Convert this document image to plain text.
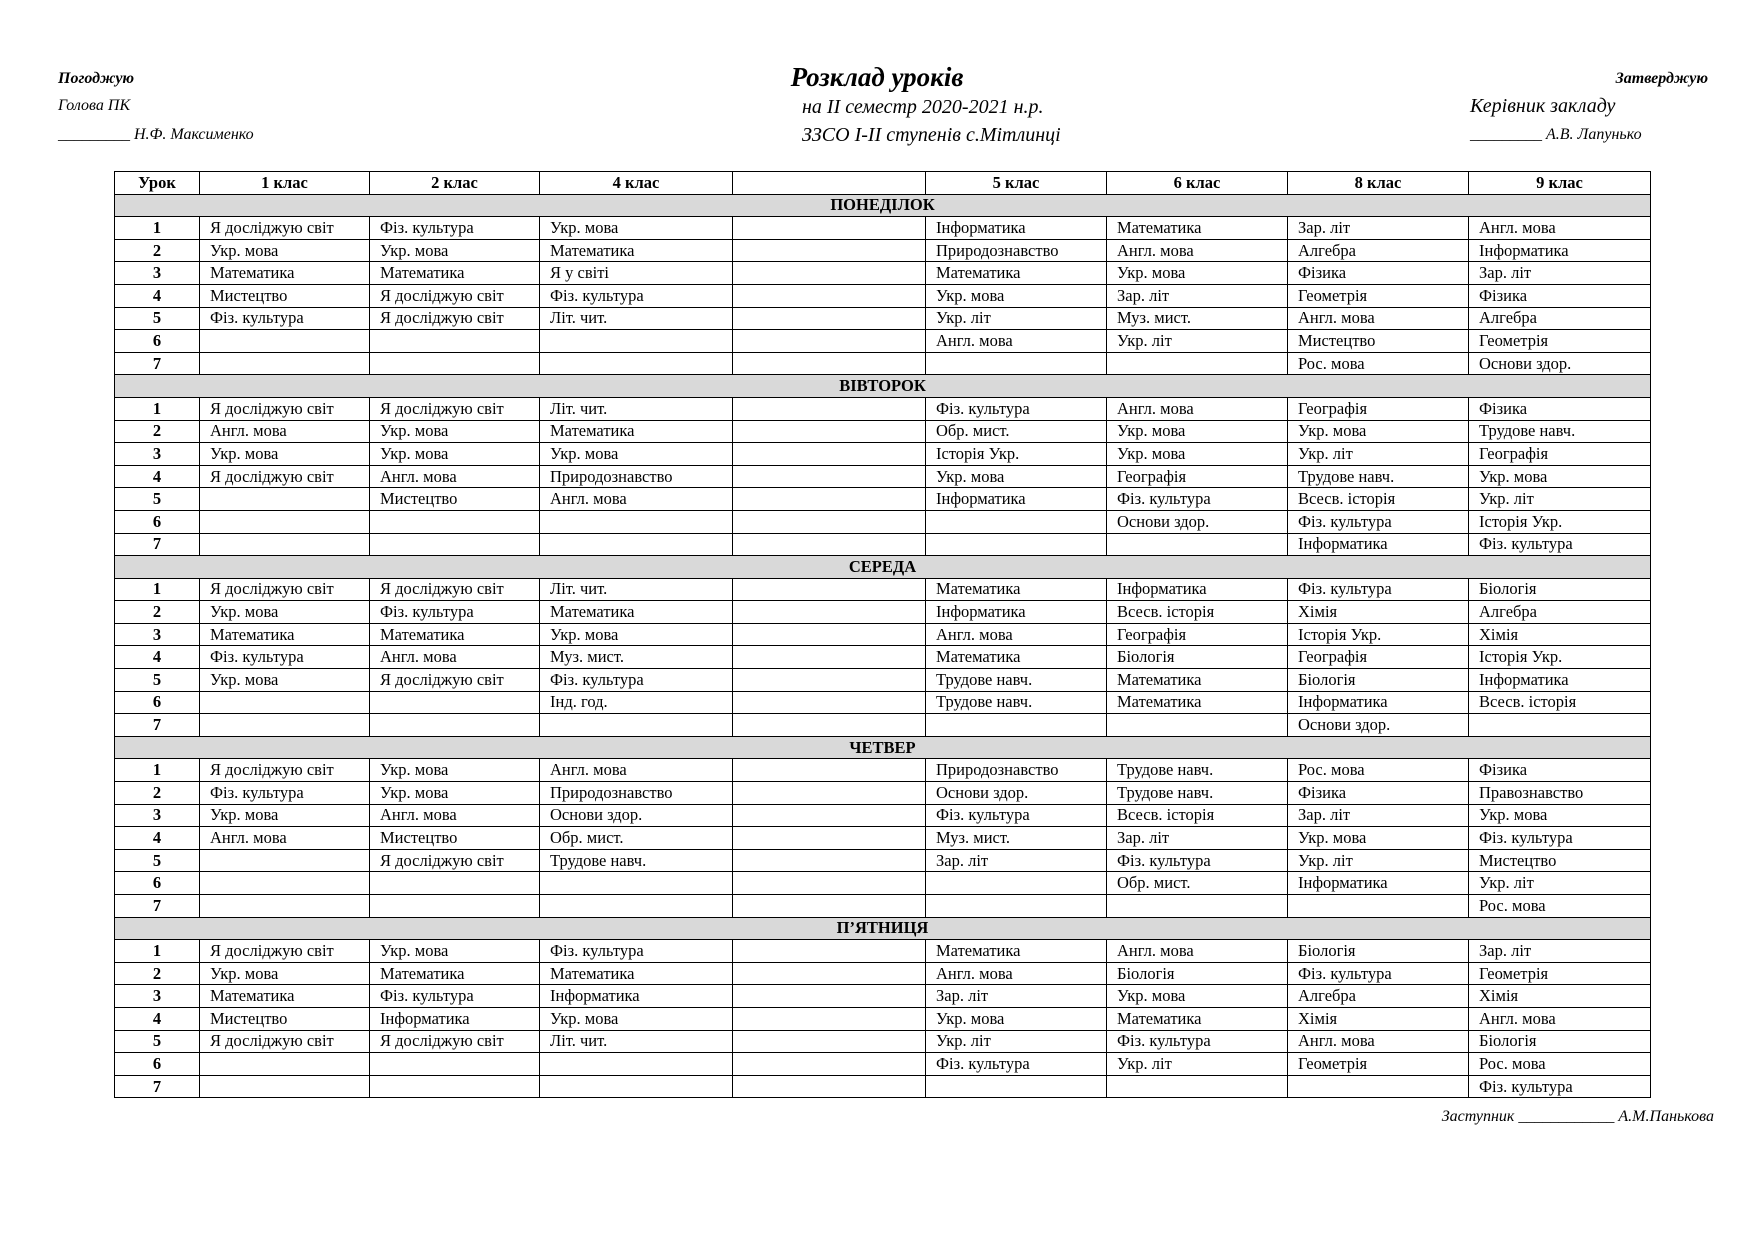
Погоджую
Голова ПК
_________ Н.Ф. Максименко
Розклад уроків
на ІІ семестр 2020-2021 н.р.
ЗЗСО І-ІІ ступенів с.Мітлинці
Затверджую
Керівник закладу
_________ А.В. Лапунько
Урок	1 клас	2 клас	4 клас		5 клас	6 клас	8 клас	9 клас
ПОНЕДІЛОК								
1	Я досліджую світ	Фіз. культура	Укр. мова		Інформатика	Математика	Зар. літ	Англ. мова
2	Укр. мова	Укр. мова	Математика		Природознавство	Англ. мова	Алгебра	Інформатика
3	Математика	Математика	Я у світі		Математика	Укр. мова	Фізика	Зар. літ
4	Мистецтво	Я досліджую світ	Фіз. культура		Укр. мова	Зар. літ	Геометрія	Фізика
5	Фіз. культура	Я досліджую світ	Літ. чит.		Укр. літ	Муз. мист.	Англ. мова	Алгебра
6					Англ. мова	Укр. літ	Мистецтво	Геометрія
7							Рос. мова	Основи здор.
ВІВТОРОК								
1	Я досліджую світ	Я досліджую світ	Літ. чит.		Фіз. культура	Англ. мова	Географія	Фізика
2	Англ. мова	Укр. мова	Математика		Обр. мист.	Укр. мова	Укр. мова	Трудове навч.
3	Укр. мова	Укр. мова	Укр. мова		Історія Укр.	Укр. мова	Укр. літ	Географія
4	Я досліджую світ	Англ. мова	Природознавство		Укр. мова	Географія	Трудове навч.	Укр. мова
5		Мистецтво	Англ. мова		Інформатика	Фіз. культура	Всесв. історія	Укр. літ
6						Основи здор.	Фіз. культура	Історія Укр.
7							Інформатика	Фіз. культура
СЕРЕДА								
1	Я досліджую світ	Я досліджую світ	Літ. чит.		Математика	Інформатика	Фіз. культура	Біологія
2	Укр. мова	Фіз. культура	Математика		Інформатика	Всесв. історія	Хімія	Алгебра
3	Математика	Математика	Укр. мова		Англ. мова	Географія	Історія Укр.	Хімія
4	Фіз. культура	Англ. мова	Муз. мист.		Математика	Біологія	Географія	Історія Укр.
5	Укр. мова	Я досліджую світ	Фіз. культура		Трудове навч.	Математика	Біологія	Інформатика
6			Інд. год.		Трудове навч.	Математика	Інформатика	Всесв. історія
7							Основи здор.	
ЧЕТВЕР								
1	Я досліджую світ	Укр. мова	Англ. мова		Природознавство	Трудове навч.	Рос. мова	Фізика
2	Фіз. культура	Укр. мова	Природознавство		Основи здор.	Трудове навч.	Фізика	Правознавство
3	Укр. мова	Англ. мова	Основи здор.		Фіз. культура	Всесв. історія	Зар. літ	Укр. мова
4	Англ. мова	Мистецтво	Обр. мист.		Муз. мист.	Зар. літ	Укр. мова	Фіз. культура
5		Я досліджую світ	Трудове навч.		Зар. літ	Фіз. культура	Укр. літ	Мистецтво
6						Обр. мист.	Інформатика	Укр. літ
7								Рос. мова
П’ЯТНИЦЯ								
1	Я досліджую світ	Укр. мова	Фіз. культура		Математика	Англ. мова	Біологія	Зар. літ
2	Укр. мова	Математика	Математика		Англ. мова	Біологія	Фіз. культура	Геометрія
3	Математика	Фіз. культура	Інформатика		Зар. літ	Укр. мова	Алгебра	Хімія
4	Мистецтво	Інформатика	Укр. мова		Укр. мова	Математика	Хімія	Англ. мова
5	Я досліджую світ	Я досліджую світ	Літ. чит.		Укр. літ	Фіз. культура	Англ. мова	Біологія
6					Фіз. культура	Укр. літ	Геометрія	Рос. мова
7								Фіз. культура
Заступник ____________ А.М.Панькова
